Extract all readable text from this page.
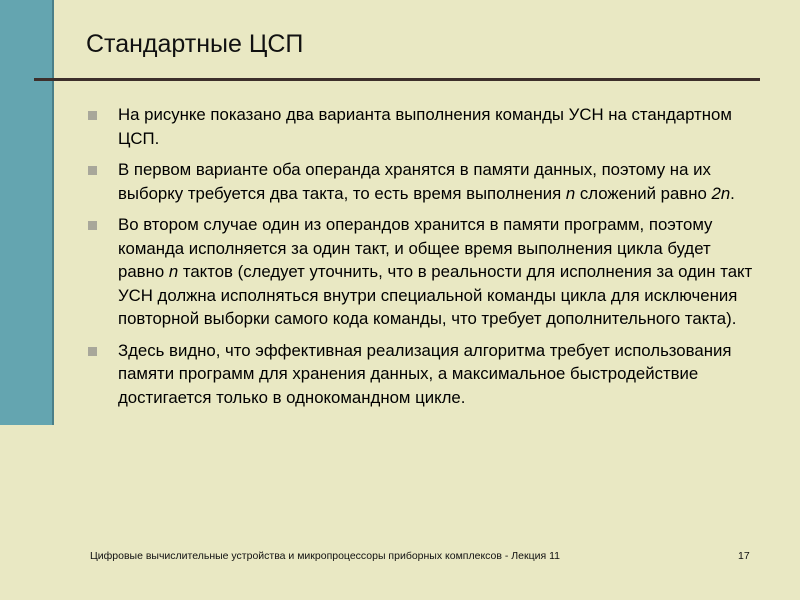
Стандартные ЦСП
На рисунке показано два варианта выполнения команды УСН на стандартном ЦСП.
В первом варианте оба операнда хранятся в памяти данных, поэтому на их выборку требуется два такта, то есть время выполнения n сложений равно 2n.
Во втором случае один из операндов хранится в памяти программ, поэтому команда исполняется за один такт, и общее время выполнения цикла будет равно n тактов (следует уточнить, что в реальности для исполнения за один такт УСН должна исполняться внутри специальной команды цикла для исключения повторной выборки самого кода команды, что требует дополнительного такта).
Здесь видно, что эффективная реализация алгоритма требует использования памяти программ для хранения данных, а максимальное быстродействие достигается только в однокомандном цикле.
Цифровые вычислительные устройства и микропроцессоры приборных комплексов - Лекция 11	17
